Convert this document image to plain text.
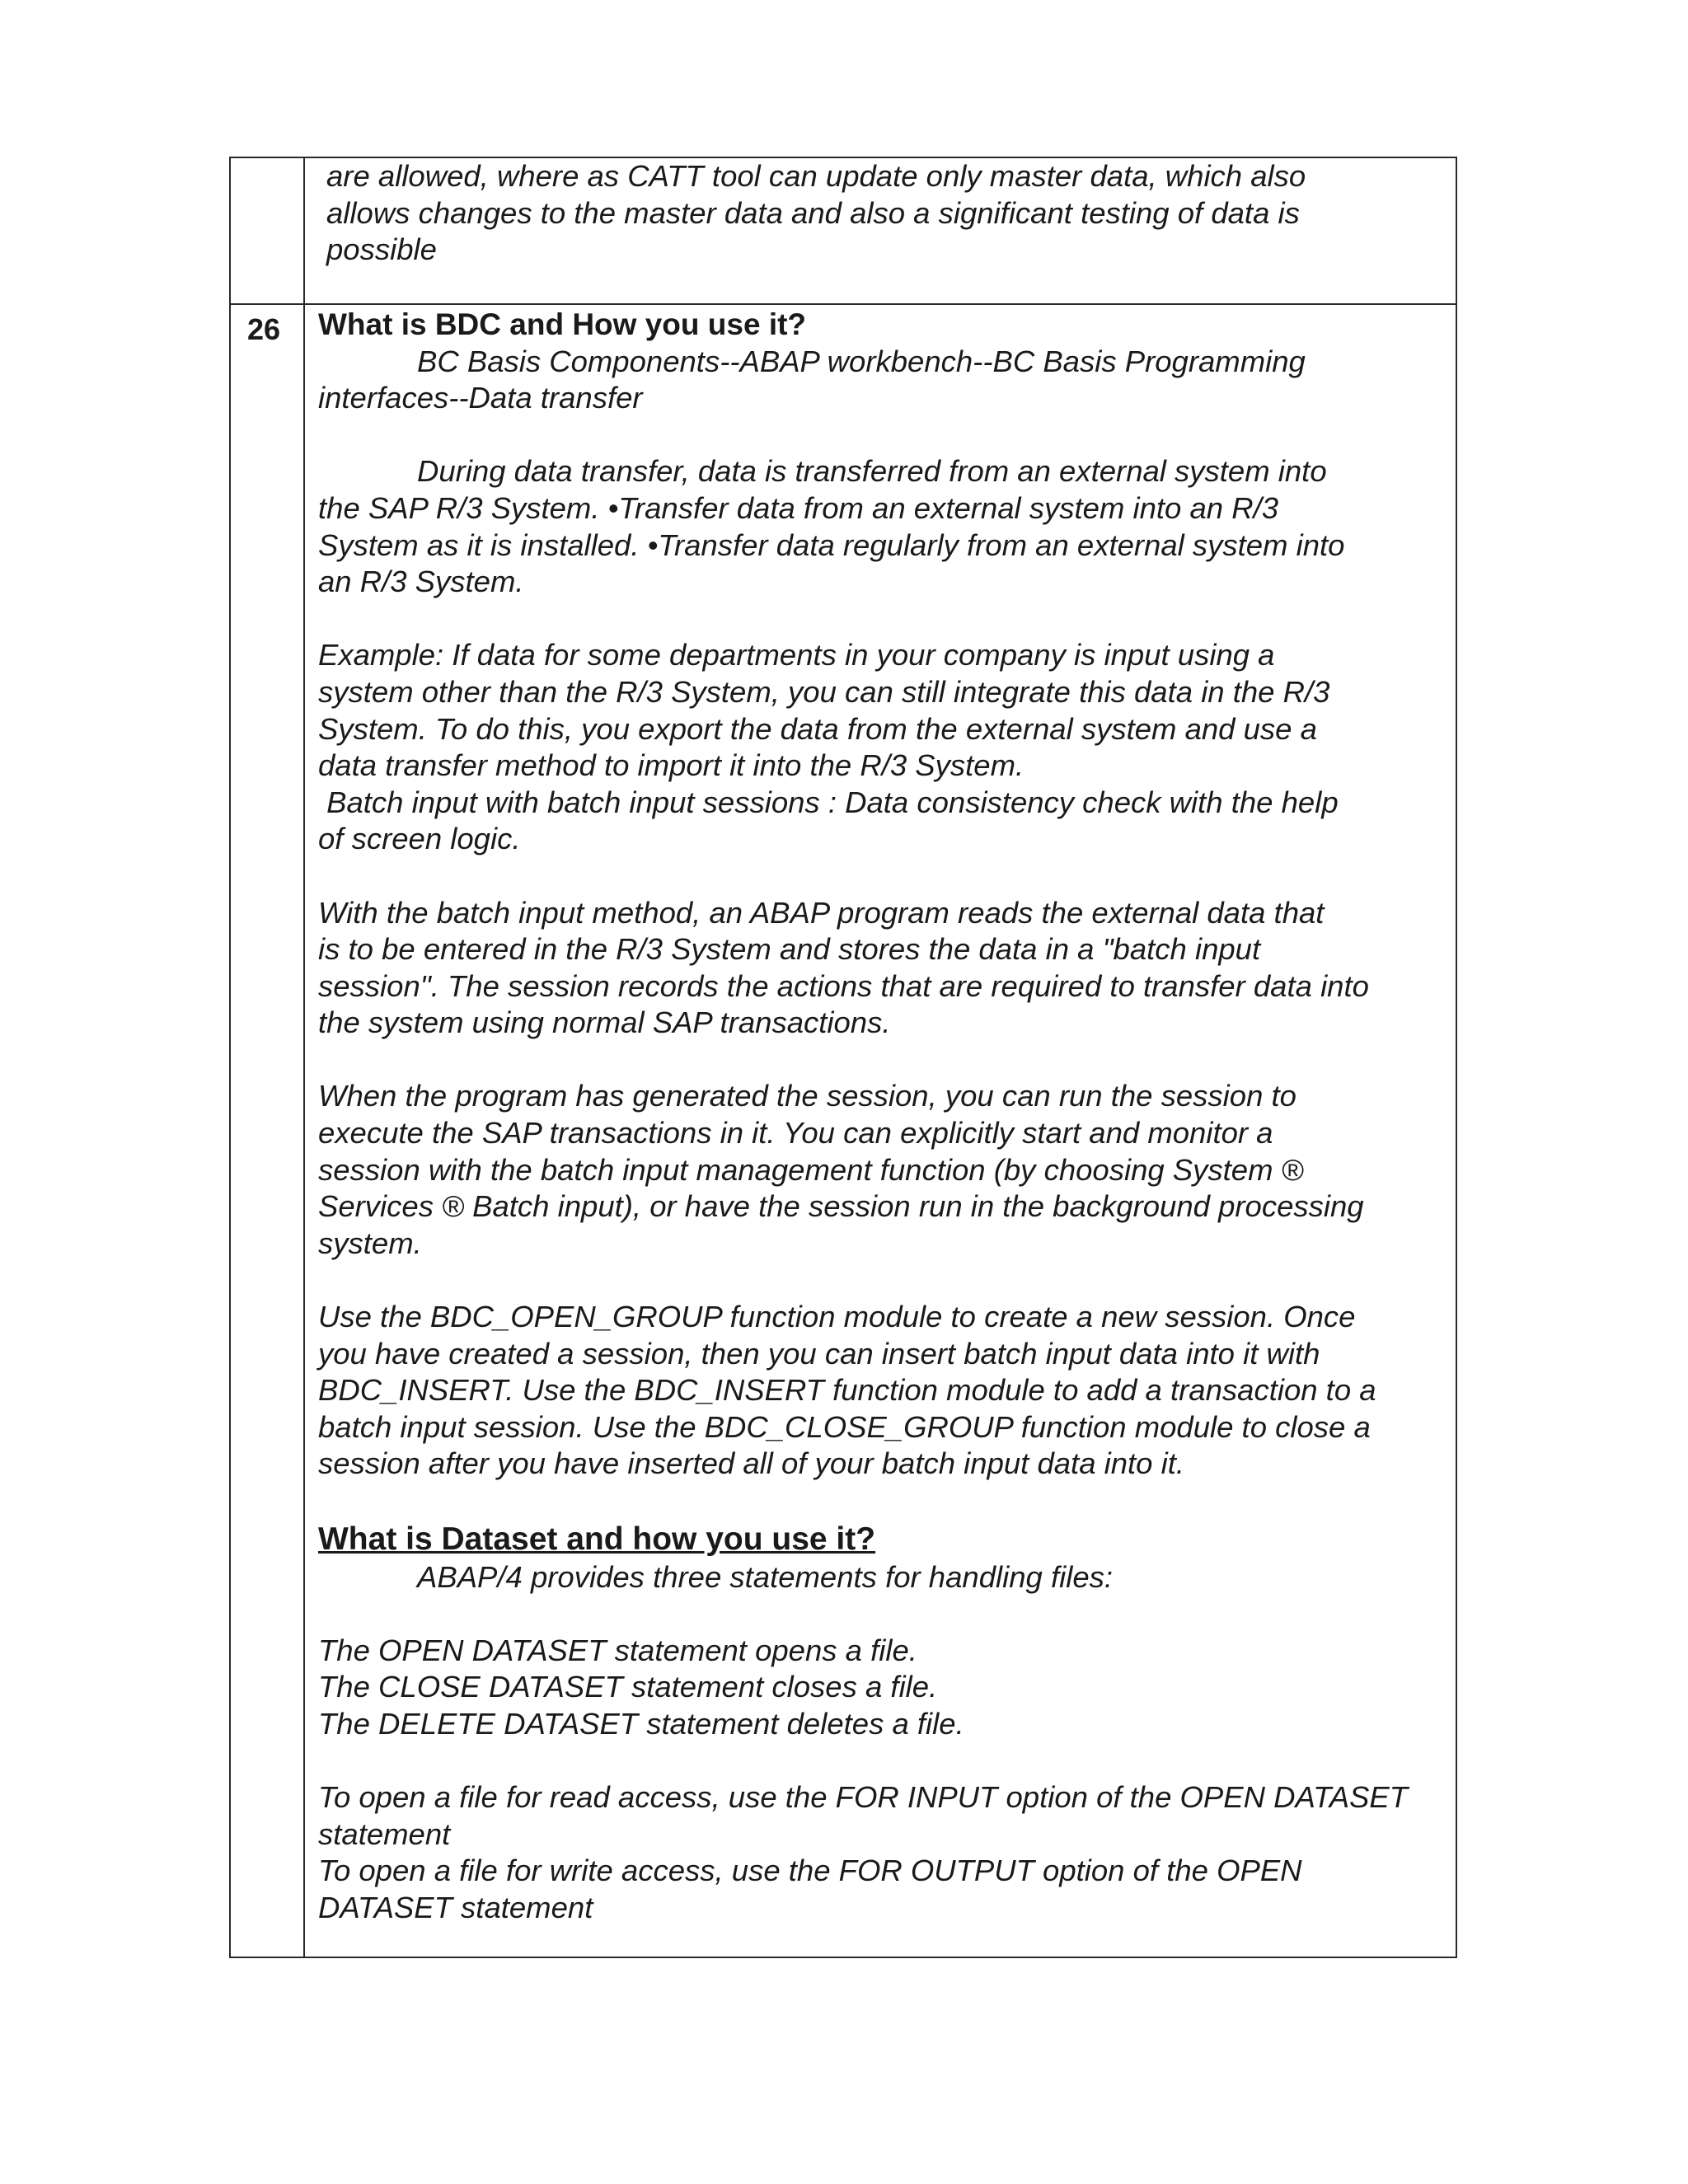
are allowed, where as CATT tool can update only master data, which also

allows changes to the master data and also a significant testing of data is

possible

26	What is BDC and How you use it?

BC Basis Components--ABAP workbench--BC Basis Programming

interfaces--Data transfer

During data transfer, data is transferred from an external system into

the SAP R/3 System. •Transfer data from an external system into an R/3

System as it is installed. •Transfer data regularly from an external system into

an R/3 System.

Example: If data for some departments in your company is input using a

system other than the R/3 System, you can still integrate this data in the R/3

System. To do this, you export the data from the external system and use a

data transfer method to import it into the R/3 System.

Batch input with batch input sessions : Data consistency check with the help

of screen logic.

With the batch input method, an ABAP program reads the external data that

is to be entered in the R/3 System and stores the data in a "batch input

session". The session records the actions that are required to transfer data into

the system using normal SAP transactions.

When the program has generated the session, you can run the session to

execute the SAP transactions in it. You can explicitly start and monitor a

session with the batch input management function (by choosing System ®

Services ® Batch input), or have the session run in the background processing

system.

Use the BDC_OPEN_GROUP function module to create a new session. Once

you have created a session, then you can insert batch input data into it with

BDC_INSERT. Use the BDC_INSERT function module to add a transaction to a

batch input session. Use the BDC_CLOSE_GROUP function module to close a

session after you have inserted all of your batch input data into it.

What is Dataset and how you use it?

ABAP/4 provides three statements for handling files:

The OPEN DATASET statement opens a file.

The CLOSE DATASET statement closes a file.

The DELETE DATASET statement deletes a file.

To open a file for read access, use the FOR INPUT option of the OPEN DATASET

statement

To open a file for write access, use the FOR OUTPUT option of the OPEN

DATASET statement
